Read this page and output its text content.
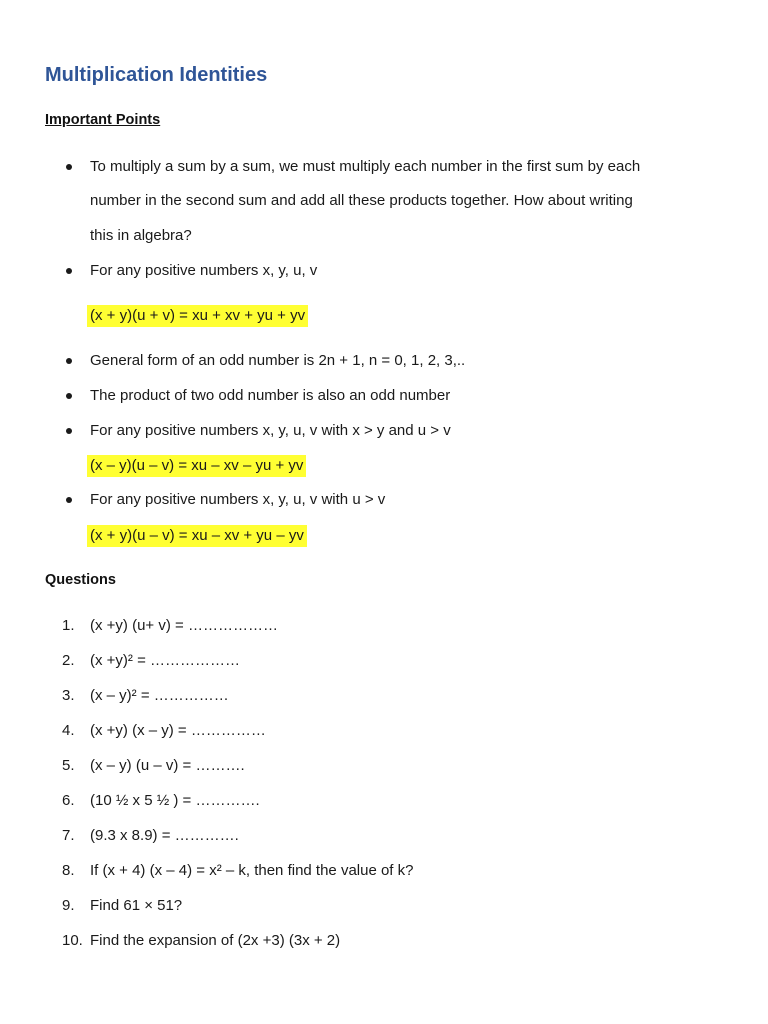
Multiplication Identities
Important Points
To multiply a sum by a sum, we must multiply each number in the first sum by each
number in the second sum and add all these products together. How about writing
this in algebra?
For any positive numbers x, y, u, v
(x + y)(u + v) = xu + xv + yu + yv
General form of an odd number is 2n + 1, n = 0, 1, 2, 3,..
The product of two odd number is also an odd number
For any positive numbers x, y, u, v with x > y and u > v
(x – y)(u – v) = xu – xv – yu + yv
For any positive numbers x, y, u, v with u > v
(x + y)(u – v) = xu – xv + yu – yv
Questions
1.	(x +y) (u+ v) = ………………
2.	(x +y)² = ………………
3.	(x – y)² = ……………
4.	(x +y) (x – y) = ……………
5.	(x – y) (u – v) = ……….
6.	(10 ½ x 5 ½ ) = ………….
7.	(9.3 x 8.9) = ………….
8.	If (x + 4) (x – 4) = x² – k, then find the value of k?
9.	Find 61 × 51?
10. Find the expansion of (2x +3) (3x + 2)
